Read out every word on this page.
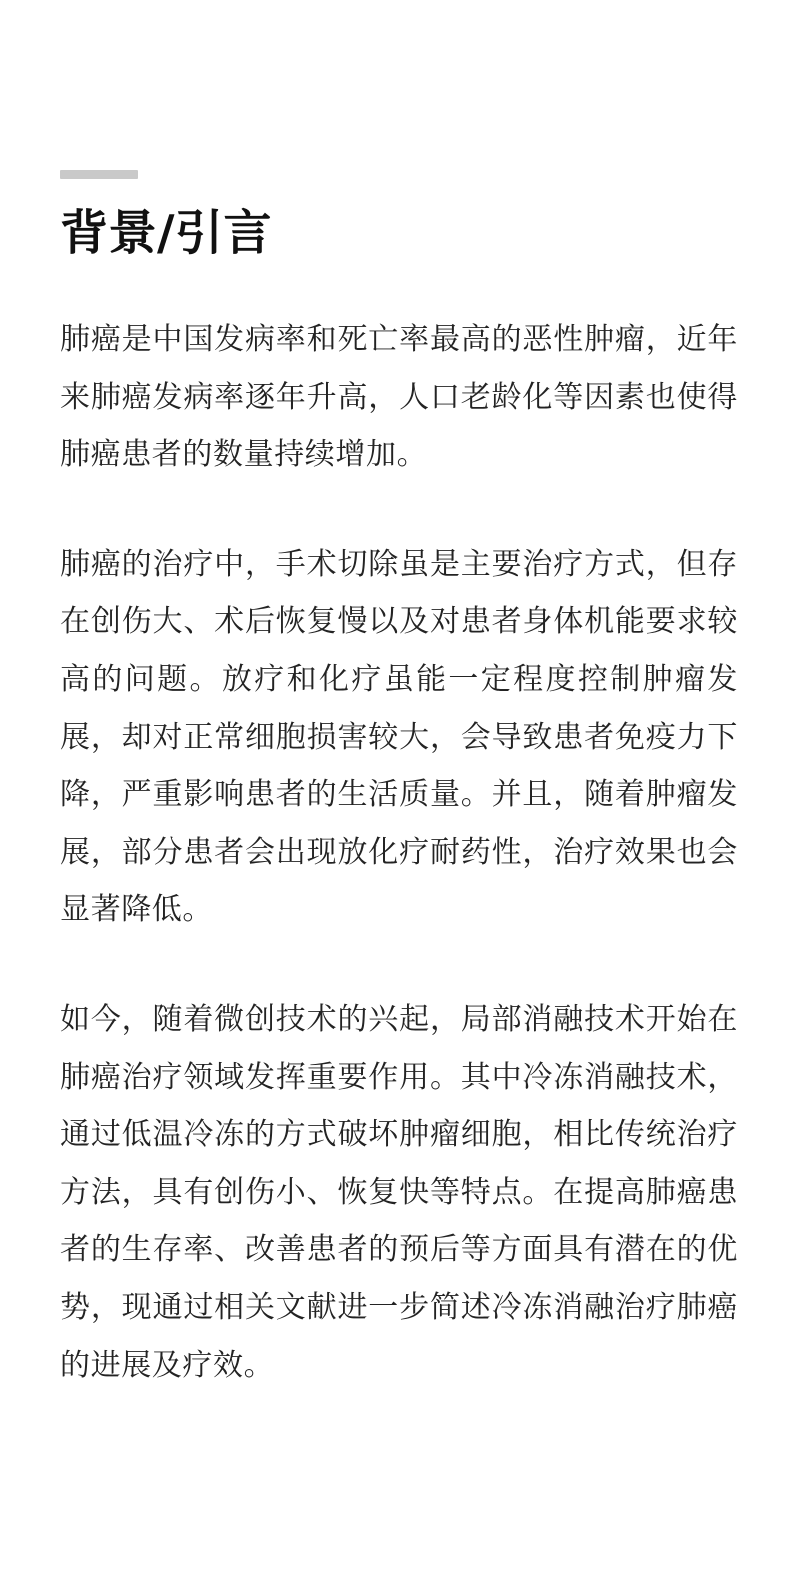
背景/引言

肺癌是中国发病率和死亡率最高的恶性肿瘤，近年来肺癌发病率逐年升高，人口老龄化等因素也使得肺癌患者的数量持续增加。

肺癌的治疗中，手术切除虽是主要治疗方式，但存在创伤大、术后恢复慢以及对患者身体机能要求较高的问题。放疗和化疗虽能一定程度控制肿瘤发展，却对正常细胞损害较大，会导致患者免疫力下降，严重影响患者的生活质量。并且，随着肿瘤发展，部分患者会出现放化疗耐药性，治疗效果也会显著降低。

如今，随着微创技术的兴起，局部消融技术开始在肺癌治疗领域发挥重要作用。其中冷冻消融技术，通过低温冷冻的方式破坏肿瘤细胞，相比传统治疗方法，具有创伤小、恢复快等特点。在提高肺癌患者的生存率、改善患者的预后等方面具有潜在的优势，现通过相关文献进一步简述冷冻消融治疗肺癌的进展及疗效。
